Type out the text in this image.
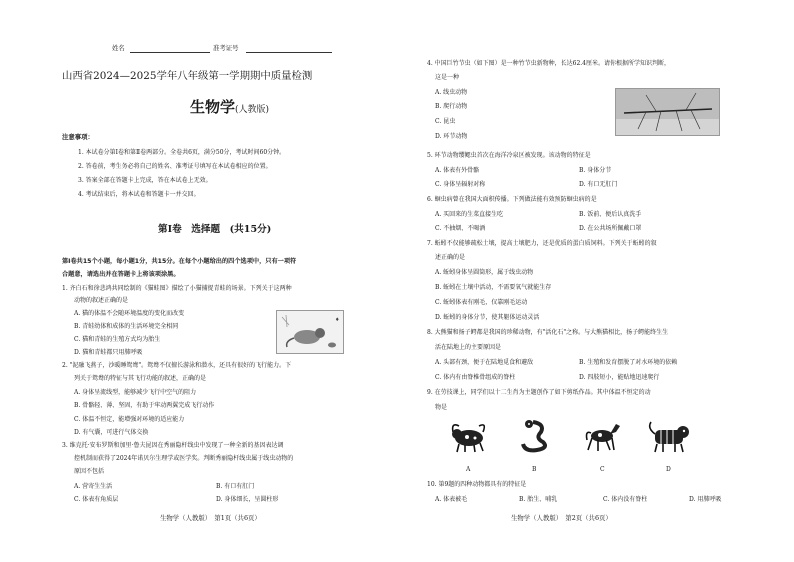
姓名	准考证号
山西省2024—2025学年八年级第一学期期中质量检测
生物学(人教版)
注意事项：
1. 本试卷分第Ⅰ卷和第Ⅱ卷两部分。全卷共6页，满分50分，考试时间60分钟。
2. 答卷前，考生务必将自己的姓名、准考证号填写在本试卷相应的位置。
3. 答案全部在答题卡上完成，答在本试卷上无效。
4. 考试结束后，将本试卷和答题卡一并交回。
第Ⅰ卷　选择题　(共15分)
第Ⅰ卷共15个小题，每小题1分，共15分。在每个小题给出的四个选项中，只有一项符
合题意，请选出并在答题卡上将该项涂黑。
1. 齐白石和徐悲鸿共同绘制的《猫蛙图》描绘了小猫捕捉青蛙的场景。下列关于这两种
动物的叙述正确的是
A. 猫的体温不会随环境温度的变化而改变
B. 青蛙幼体和成体的生活环境完全相同
C. 猫和青蛙的生殖方式均为胎生
D. 猫和青蛙都只用肺呼吸
♦
2. "泥融飞燕子，沙暖睡鸳鸯"。鸳鸯不仅擅长游泳和潜水，还具有很好的飞行能力。下
列关于鸳鸯的特征与其飞行功能的叙述，正确的是
A. 身体呈流线型，能够减少飞行中空气的阻力
B. 骨骼轻、薄、坚固，有助于牢动两翼完成飞行动作
C. 体温不恒定，能增强对环境的适应能力
D. 有气囊，可进行气体交换
3. 维克托·安布罗斯和加里·鲁夫昆因在秀丽隐杆线虫中发现了一种全新的基因表达调
控机制而获得了2024年诺贝尔生理学或医学奖。判断秀丽隐杆线虫属于线虫动物的
原因不包括
A. 营寄生生活	B. 有口有肛门
C. 体表有角质层	D. 身体细长，呈圆柱形
生物学（人教版）　第1页（共6页）
4. 中国巨竹节虫（如下图）是一种竹节虫新物种，长达62.4厘米。请你根据所学知识判断，
这是一种
A. 线虫动物
B. 爬行动物
C. 昆虫
D. 环节动物
5. 环节动物缨鳃虫首次在海洋冷泉区被发现。该动物的特征是
A. 体表有外骨骼	B. 身体分节
C. 身体呈辐射对称	D. 有口无肛门
6. 蛔虫病曾在我国大面积传播。下列做法能有效预防蛔虫病的是
A. 买回来的生菜直接生吃	B. 饭前、便后认真洗手
C. 不抽烟、不喝酒	D. 在公共场所佩戴口罩
7. 蚯蚓不仅能够疏松土壤，提高土壤肥力，还是优质的蛋白质饲料。下列关于蚯蚓的叙
述正确的是
A. 蚯蚓身体呈圆筒形，属于线虫动物
B. 蚯蚓在土壤中活动，不需要氧气就能生存
C. 蚯蚓体表有刚毛，仅靠刚毛运动
D. 蚯蚓的身体分节，使其躯体运动灵活
8. 大熊猫和扬子鳄都是我国的珍稀动物，有"活化石"之称。与大熊猫相比，扬子鳄能终生生
活在陆地上的主要原因是
A. 头部有颈，便于在陆地觅食和避敌	B. 生殖和发育摆脱了对水环境的依赖
C. 体内有由脊椎骨组成的脊柱	D. 四肢短小，能贴地迅速爬行
9. 在劳技课上，同学们以十二生肖为主题创作了如下剪纸作品。其中体温不恒定的动
物是
A	B	C	D
10. 第9题的四种动物都具有的特征是
A. 体表被毛	B. 胎生、哺乳	C. 体内没有脊柱	D. 用肺呼吸
生物学（人教版）　第2页（共6页）
